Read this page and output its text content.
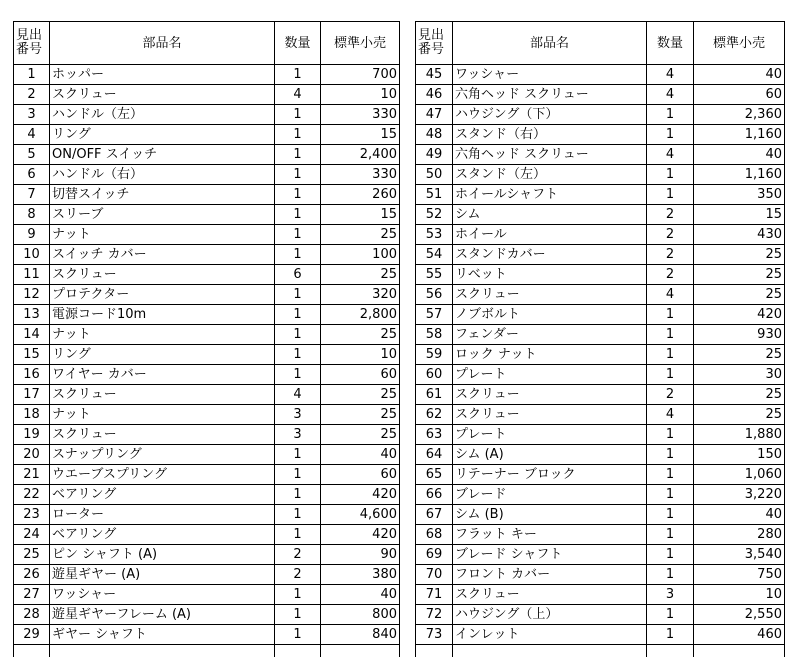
見出
番号	部品名	数量	標準小売
1	ホッパー	1	700
2	スクリュー	4	10
3	ハンドル（左）	1	330
4	リング	1	15
5	ON/OFF スイッチ	1	2,400
6	ハンドル（右）	1	330
7	切替スイッチ	1	260
8	スリーブ	1	15
9	ナット	1	25
10	スイッチ カバー	1	100
11	スクリュー	6	25
12	プロテクター	1	320
13	電源コード10m	1	2,800
14	ナット	1	25
15	リング	1	10
16	ワイヤー カバー	1	60
17	スクリュー	4	25
18	ナット	3	25
19	スクリュー	3	25
20	スナップリング	1	40
21	ウエーブスプリング	1	60
22	ベアリング	1	420
23	ローター	1	4,600
24	ベアリング	1	420
25	ピン シャフト (A)	2	90
26	遊星ギヤー (A)	2	380
27	ワッシャー	1	40
28	遊星ギヤーフレーム (A)	1	800
29	ギヤー シャフト	1	840

見出
番号	部品名	数量	標準小売
45	ワッシャー	4	40
46	六角ヘッド スクリュー	4	60
47	ハウジング（下）	1	2,360
48	スタンド（右）	1	1,160
49	六角ヘッド スクリュー	4	40
50	スタンド（左）	1	1,160
51	ホイールシャフト	1	350
52	シム	2	15
53	ホイール	2	430
54	スタンドカバー	2	25
55	リベット	2	25
56	スクリュー	4	25
57	ノブボルト	1	420
58	フェンダー	1	930
59	ロック ナット	1	25
60	プレート	1	30
61	スクリュー	2	25
62	スクリュー	4	25
63	プレート	1	1,880
64	シム (A)	1	150
65	リテーナー ブロック	1	1,060
66	ブレード	1	3,220
67	シム (B)	1	40
68	フラット キー	1	280
69	ブレード シャフト	1	3,540
70	フロント カバー	1	750
71	スクリュー	3	10
72	ハウジング（上）	1	2,550
73	インレット	1	460
